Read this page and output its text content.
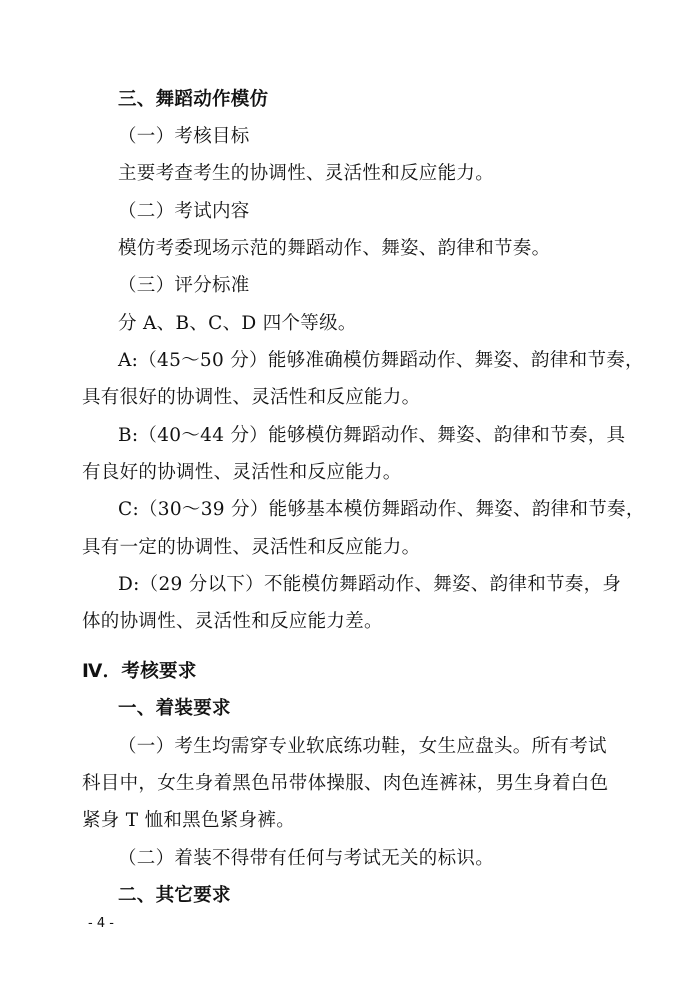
三、舞蹈动作模仿
（一）考核目标
主要考查考生的协调性、灵活性和反应能力。
（二）考试内容
模仿考委现场示范的舞蹈动作、舞姿、韵律和节奏。
（三）评分标准
分 A、B、C、D 四个等级。
A:（45～50 分）能够准确模仿舞蹈动作、舞姿、韵律和节奏，
具有很好的协调性、灵活性和反应能力。
B:（40～44 分）能够模仿舞蹈动作、舞姿、韵律和节奏，具
有良好的协调性、灵活性和反应能力。
C:（30～39 分）能够基本模仿舞蹈动作、舞姿、韵律和节奏，
具有一定的协调性、灵活性和反应能力。
D:（29 分以下）不能模仿舞蹈动作、舞姿、韵律和节奏，身
体的协调性、灵活性和反应能力差。
Ⅳ．考核要求
一、着装要求
（一）考生均需穿专业软底练功鞋，女生应盘头。所有考试
科目中，女生身着黑色吊带体操服、肉色连裤袜，男生身着白色
紧身 T 恤和黑色紧身裤。
（二）着装不得带有任何与考试无关的标识。
二、其它要求
- 4 -
